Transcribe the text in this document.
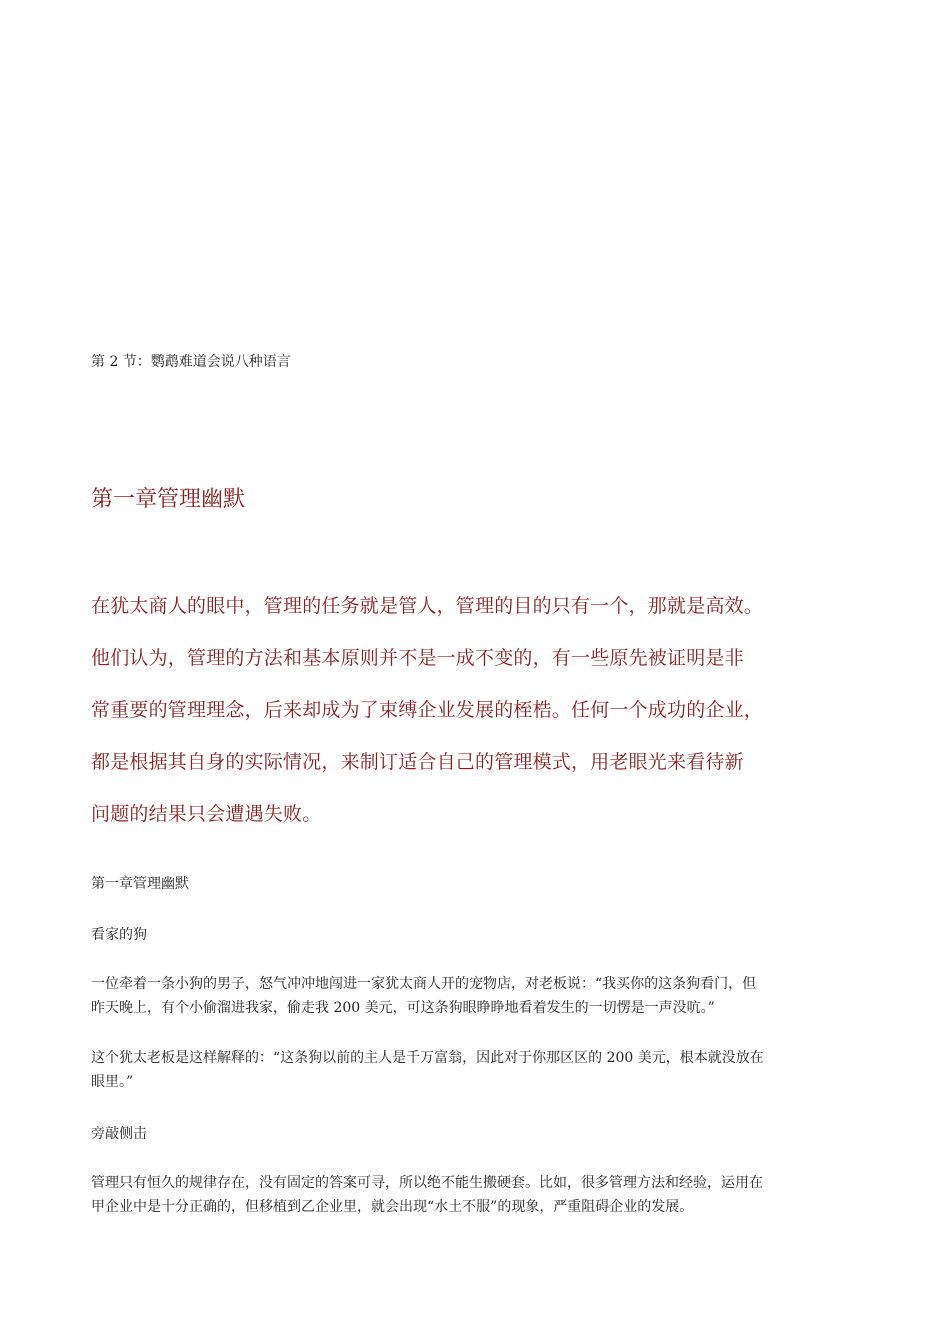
第 2 节：鹦鹉难道会说八种语言

第一章管理幽默
在犹太商人的眼中，管理的任务就是管人，管理的目的只有一个，那就是高效。
他们认为，管理的方法和基本原则并不是一成不变的，有一些原先被证明是非
常重要的管理理念，后来却成为了束缚企业发展的桎梏。任何一个成功的企业，
都是根据其自身的实际情况，来制订适合自己的管理模式，用老眼光来看待新
问题的结果只会遭遇失败。

第一章管理幽默

看家的狗

一位牵着一条小狗的男子，怒气冲冲地闯进一家犹太商人开的宠物店，对老板说：“我买你的这条狗看门，但
昨天晚上，有个小偷溜进我家，偷走我 200 美元，可这条狗眼睁睁地看着发生的一切愣是一声没吭。”
这个犹太老板是这样解释的：“这条狗以前的主人是千万富翁，因此对于你那区区的 200 美元，根本就没放在
眼里。”

旁敲侧击

管理只有恒久的规律存在，没有固定的答案可寻，所以绝不能生搬硬套。比如，很多管理方法和经验，运用在
甲企业中是十分正确的，但移植到乙企业里，就会出现“水土不服”的现象，严重阻碍企业的发展。
